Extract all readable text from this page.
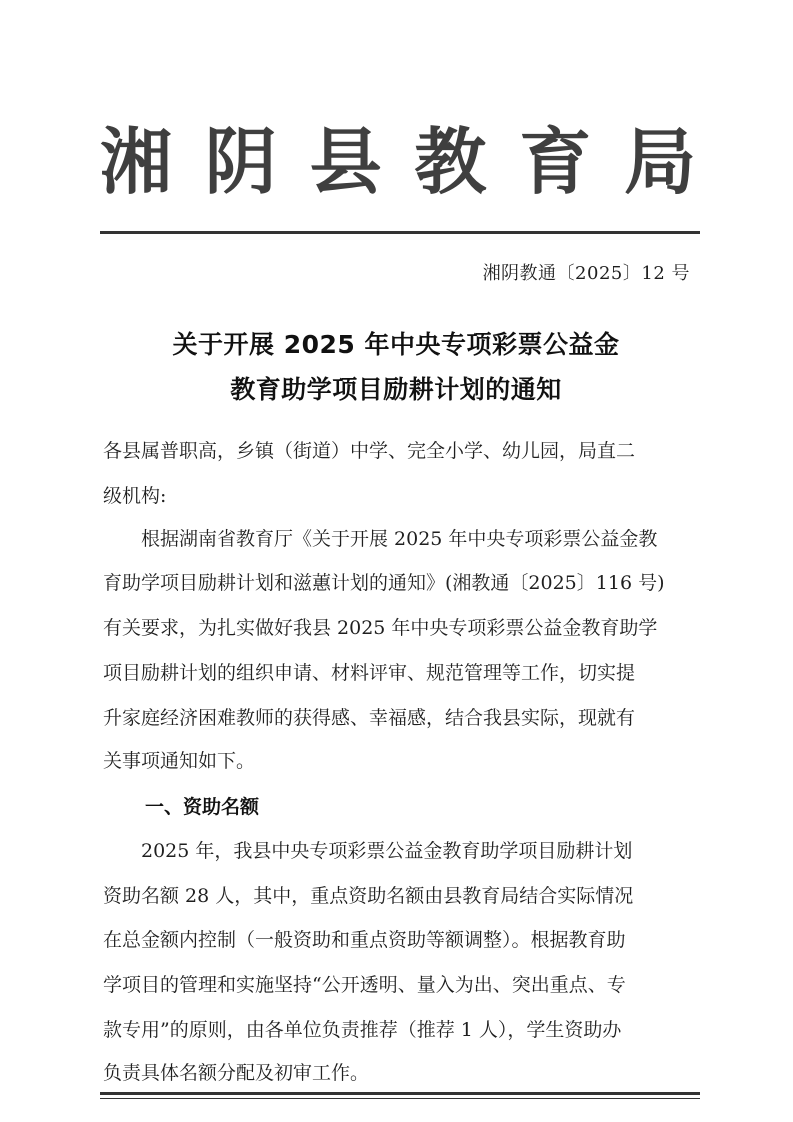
湘 阴 县 教 育 局
湘阴教通〔2025〕12 号
关于开展 2025 年中央专项彩票公益金
教育助学项目励耕计划的通知
各县属普职高，乡镇（街道）中学、完全小学、幼儿园，局直二
级机构:
根据湖南省教育厅《关于开展 2025 年中央专项彩票公益金教
育助学项目励耕计划和滋蕙计划的通知》(湘教通〔2025〕116 号)
有关要求，为扎实做好我县 2025 年中央专项彩票公益金教育助学
项目励耕计划的组织申请、材料评审、规范管理等工作，切实提
升家庭经济困难教师的获得感、幸福感，结合我县实际，现就有
关事项通知如下。
一、资助名额
2025 年，我县中央专项彩票公益金教育助学项目励耕计划
资助名额 28 人，其中，重点资助名额由县教育局结合实际情况
在总金额内控制（一般资助和重点资助等额调整）。根据教育助
学项目的管理和实施坚持“公开透明、量入为出、突出重点、专
款专用”的原则，由各单位负责推荐（推荐 1 人），学生资助办
负责具体名额分配及初审工作。
